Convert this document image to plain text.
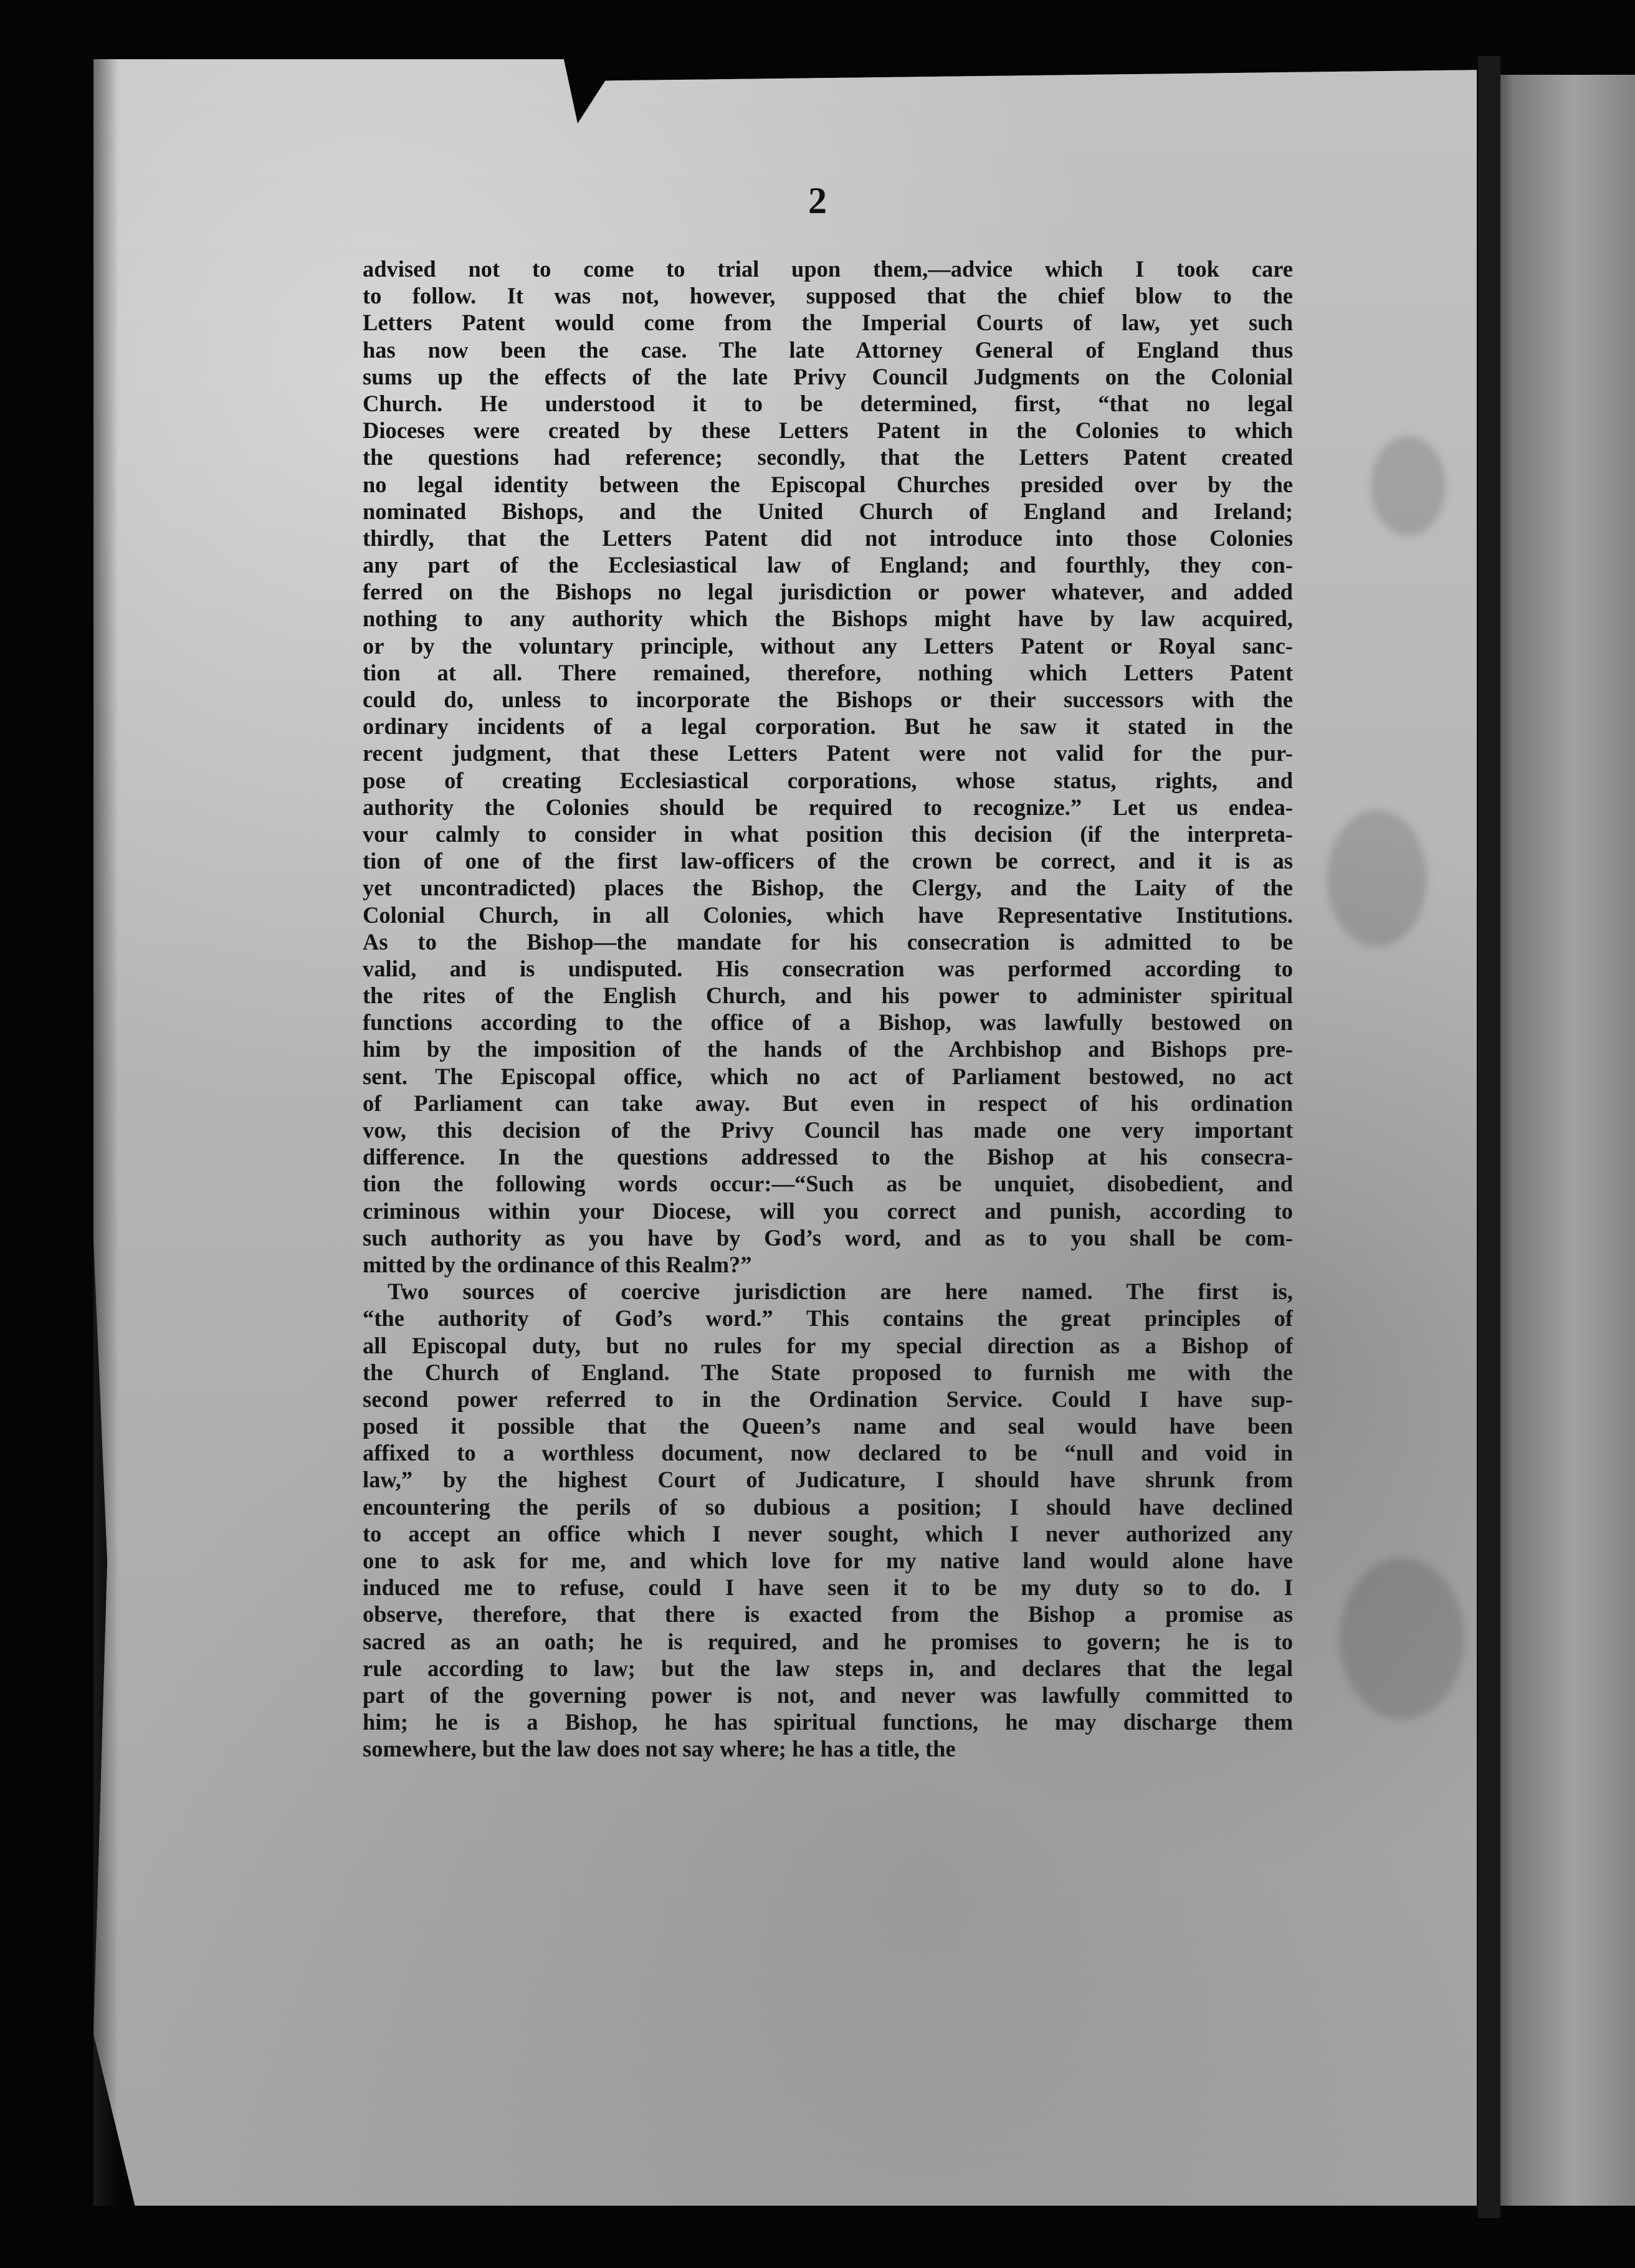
2
advised not to come to trial upon them,—advice which I took care
to follow. It was not, however, supposed that the chief blow to the
Letters Patent would come from the Imperial Courts of law, yet such
has now been the case. The late Attorney General of England thus
sums up the effects of the late Privy Council Judgments on the Colonial
Church. He understood it to be determined, first, “that no legal
Dioceses were created by these Letters Patent in the Colonies to which
the questions had reference; secondly, that the Letters Patent created
no legal identity between the Episcopal Churches presided over by the
nominated Bishops, and the United Church of England and Ireland;
thirdly, that the Letters Patent did not introduce into those Colonies
any part of the Ecclesiastical law of England; and fourthly, they con-
ferred on the Bishops no legal jurisdiction or power whatever, and added
nothing to any authority which the Bishops might have by law acquired,
or by the voluntary principle, without any Letters Patent or Royal sanc-
tion at all. There remained, therefore, nothing which Letters Patent
could do, unless to incorporate the Bishops or their successors with the
ordinary incidents of a legal corporation. But he saw it stated in the
recent judgment, that these Letters Patent were not valid for the pur-
pose of creating Ecclesiastical corporations, whose status, rights, and
authority the Colonies should be required to recognize.” Let us endea-
vour calmly to consider in what position this decision (if the interpreta-
tion of one of the first law-officers of the crown be correct, and it is as
yet uncontradicted) places the Bishop, the Clergy, and the Laity of the
Colonial Church, in all Colonies, which have Representative Institutions.
As to the Bishop—the mandate for his consecration is admitted to be
valid, and is undisputed. His consecration was performed according to
the rites of the English Church, and his power to administer spiritual
functions according to the office of a Bishop, was lawfully bestowed on
him by the imposition of the hands of the Archbishop and Bishops pre-
sent. The Episcopal office, which no act of Parliament bestowed, no act
of Parliament can take away. But even in respect of his ordination
vow, this decision of the Privy Council has made one very important
difference. In the questions addressed to the Bishop at his consecra-
tion the following words occur:—“Such as be unquiet, disobedient, and
criminous within your Diocese, will you correct and punish, according to
such authority as you have by God’s word, and as to you shall be com-
mitted by the ordinance of this Realm?”
Two sources of coercive jurisdiction are here named. The first is,
“the authority of God’s word.” This contains the great principles of
all Episcopal duty, but no rules for my special direction as a Bishop of
the Church of England. The State proposed to furnish me with the
second power referred to in the Ordination Service. Could I have sup-
posed it possible that the Queen’s name and seal would have been
affixed to a worthless document, now declared to be “null and void in
law,” by the highest Court of Judicature, I should have shrunk from
encountering the perils of so dubious a position; I should have declined
to accept an office which I never sought, which I never authorized any
one to ask for me, and which love for my native land would alone have
induced me to refuse, could I have seen it to be my duty so to do. I
observe, therefore, that there is exacted from the Bishop a promise as
sacred as an oath; he is required, and he promises to govern; he is to
rule according to law; but the law steps in, and declares that the legal
part of the governing power is not, and never was lawfully committed to
him; he is a Bishop, he has spiritual functions, he may discharge them
somewhere, but the law does not say where; he has a title, the
